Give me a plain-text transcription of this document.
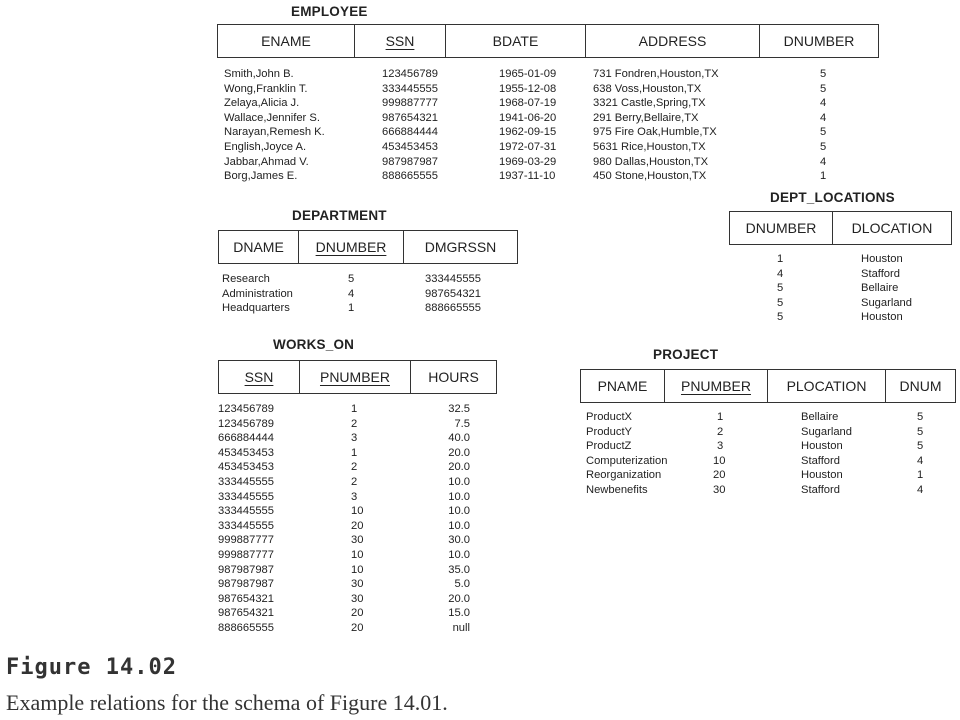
EMPLOYEE
ENAME	SSN	BDATE	ADDRESS	DNUMBER
Smith,John B.	123456789	1965-01-09	731 Fondren,Houston,TX	5
Wong,Franklin T.	333445555	1955-12-08	638 Voss,Houston,TX	5
Zelaya,Alicia J.	999887777	1968-07-19	3321 Castle,Spring,TX	4
Wallace,Jennifer S.	987654321	1941-06-20	291 Berry,Bellaire,TX	4
Narayan,Remesh K.	666884444	1962-09-15	975 Fire Oak,Humble,TX	5
English,Joyce A.	453453453	1972-07-31	5631 Rice,Houston,TX	5
Jabbar,Ahmad V.	987987987	1969-03-29	980 Dallas,Houston,TX	4
Borg,James E.	888665555	1937-11-10	450 Stone,Houston,TX	1
DEPT_LOCATIONS
DNUMBER	DLOCATION
1	Houston
4	Stafford
5	Bellaire
5	Sugarland
5	Houston
DEPARTMENT
DNAME	DNUMBER	DMGRSSN
Research	5	333445555
Administration	4	987654321
Headquarters	1	888665555
WORKS_ON
SSN	PNUMBER	HOURS
123456789	1	32.5
123456789	2	7.5
666884444	3	40.0
453453453	1	20.0
453453453	2	20.0
333445555	2	10.0
333445555	3	10.0
333445555	10	10.0
333445555	20	10.0
999887777	30	30.0
999887777	10	10.0
987987987	10	35.0
987987987	30	5.0
987654321	30	20.0
987654321	20	15.0
888665555	20	null
PROJECT
PNAME	PNUMBER	PLOCATION	DNUM
ProductX	1	Bellaire	5
ProductY	2	Sugarland	5
ProductZ	3	Houston	5
Computerization	10	Stafford	4
Reorganization	20	Houston	1
Newbenefits	30	Stafford	4
Figure 14.02
Example relations for the schema of Figure 14.01.
